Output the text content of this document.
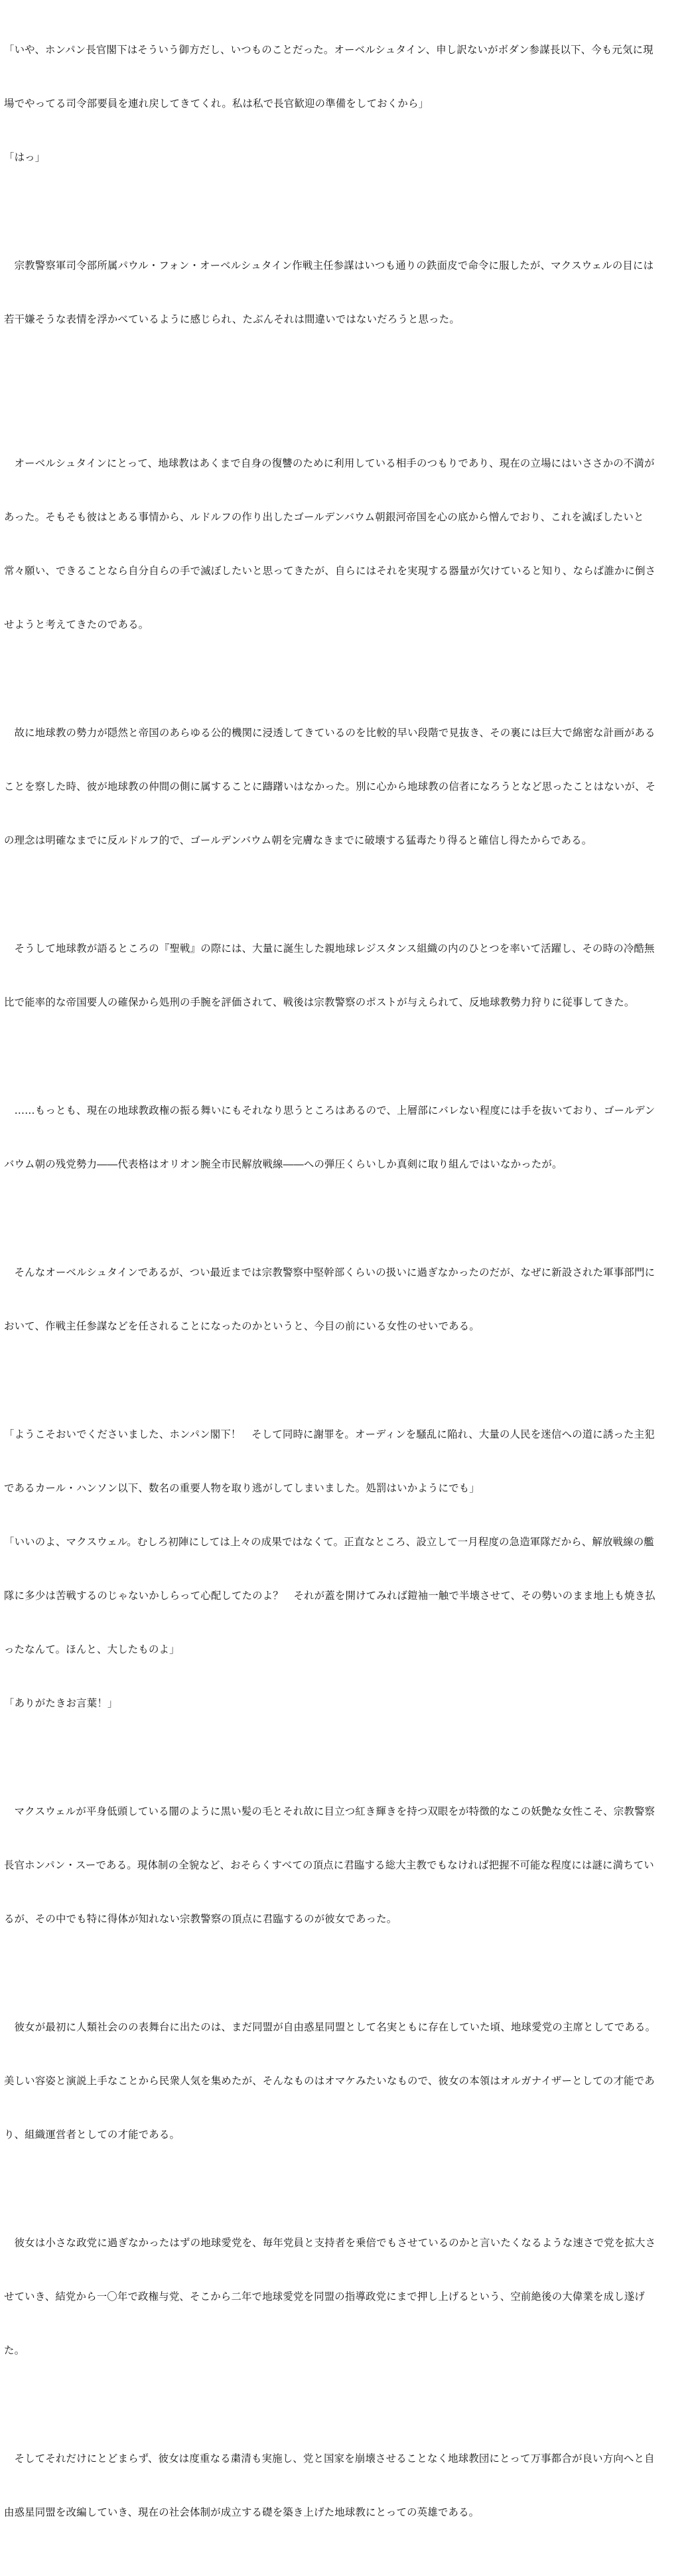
「いや、ホンパン長官閣下はそういう御方だし、いつものことだった。オーベルシュタイン、申し訳ないがボダン参謀長以下、今も元気に現

場でやってる司令部要員を連れ戻してきてくれ。私は私で長官歓迎の準備をしておくから」

「はっ」

　宗教警察軍司令部所属パウル・フォン・オーベルシュタイン作戦主任参謀はいつも通りの鉄面皮で命令に服したが、マクスウェルの目には

若干嫌そうな表情を浮かべているように感じられ、たぶんそれは間違いではないだろうと思った。

　オーベルシュタインにとって、地球教はあくまで自身の復讐のために利用している相手のつもりであり、現在の立場にはいささかの不満が

あった。そもそも彼はとある事情から、ルドルフの作り出したゴールデンバウム朝銀河帝国を心の底から憎んでおり、これを滅ぼしたいと

常々願い、できることなら自分自らの手で滅ぼしたいと思ってきたが、自らにはそれを実現する器量が欠けていると知り、ならば誰かに倒さ

せようと考えてきたのである。

　故に地球教の勢力が隠然と帝国のあらゆる公的機関に浸透してきているのを比較的早い段階で見抜き、その裏には巨大で綿密な計画がある

ことを察した時、彼が地球教の仲間の側に属することに躊躇いはなかった。別に心から地球教の信者になろうとなど思ったことはないが、そ

の理念は明確なまでに反ルドルフ的で、ゴールデンバウム朝を完膚なきまでに破壊する猛毒たり得ると確信し得たからである。

　そうして地球教が語るところの『聖戦』の際には、大量に誕生した親地球レジスタンス組織の内のひとつを率いて活躍し、その時の冷酷無

比で能率的な帝国要人の確保から処刑の手腕を評価されて、戦後は宗教警察のポストが与えられて、反地球教勢力狩りに従事してきた。

　……もっとも、現在の地球教政権の振る舞いにもそれなり思うところはあるので、上層部にバレない程度には手を抜いており、ゴールデン

バウム朝の残党勢力――代表格はオリオン腕全市民解放戦線――への弾圧くらいしか真剣に取り組んではいなかったが。

　そんなオーベルシュタインであるが、つい最近までは宗教警察中堅幹部くらいの扱いに過ぎなかったのだが、なぜに新設された軍事部門に

おいて、作戦主任参謀などを任されることになったのかというと、今目の前にいる女性のせいである。

「ようこそおいでくださいました、ホンパン閣下！　そして同時に謝罪を。オーディンを騒乱に陥れ、大量の人民を迷信への道に誘った主犯

であるカール・ハンソン以下、数名の重要人物を取り逃がしてしまいました。処罰はいかようにでも」

「いいのよ、マクスウェル。むしろ初陣にしては上々の成果ではなくて。正直なところ、設立して一月程度の急造軍隊だから、解放戦線の艦

隊に多少は苦戦するのじゃないかしらって心配してたのよ？　それが蓋を開けてみれば鎧袖一触で半壊させて、その勢いのまま地上も焼き払

ったなんて。ほんと、大したものよ」

「ありがたきお言葉！」

　マクスウェルが平身低頭している闇のように黒い髪の毛とそれ故に目立つ紅き輝きを持つ双眼をが特徴的なこの妖艶な女性こそ、宗教警察

長官ホンパン・スーである。現体制の全貌など、おそらくすべての頂点に君臨する総大主教でもなければ把握不可能な程度には謎に満ちてい

るが、その中でも特に得体が知れない宗教警察の頂点に君臨するのが彼女であった。

　彼女が最初に人類社会のの表舞台に出たのは、まだ同盟が自由惑星同盟として名実ともに存在していた頃、地球愛党の主席としてである。

美しい容姿と演説上手なことから民衆人気を集めたが、そんなものはオマケみたいなもので、彼女の本領はオルガナイザーとしての才能であ

り、組織運営者としての才能である。

　彼女は小さな政党に過ぎなかったはずの地球愛党を、毎年党員と支持者を乗倍でもさせているのかと言いたくなるような速さで党を拡大さ

せていき、結党から一〇年で政権与党、そこから二年で地球愛党を同盟の指導政党にまで押し上げるという、空前絶後の大偉業を成し遂げ

た。

　そしてそれだけにとどまらず、彼女は度重なる粛清も実施し、党と国家を崩壊させることなく地球教団にとって万事都合が良い方向へと自

由惑星同盟を改編していき、現在の社会体制が成立する礎を築き上げた地球教にとっての英雄である。
